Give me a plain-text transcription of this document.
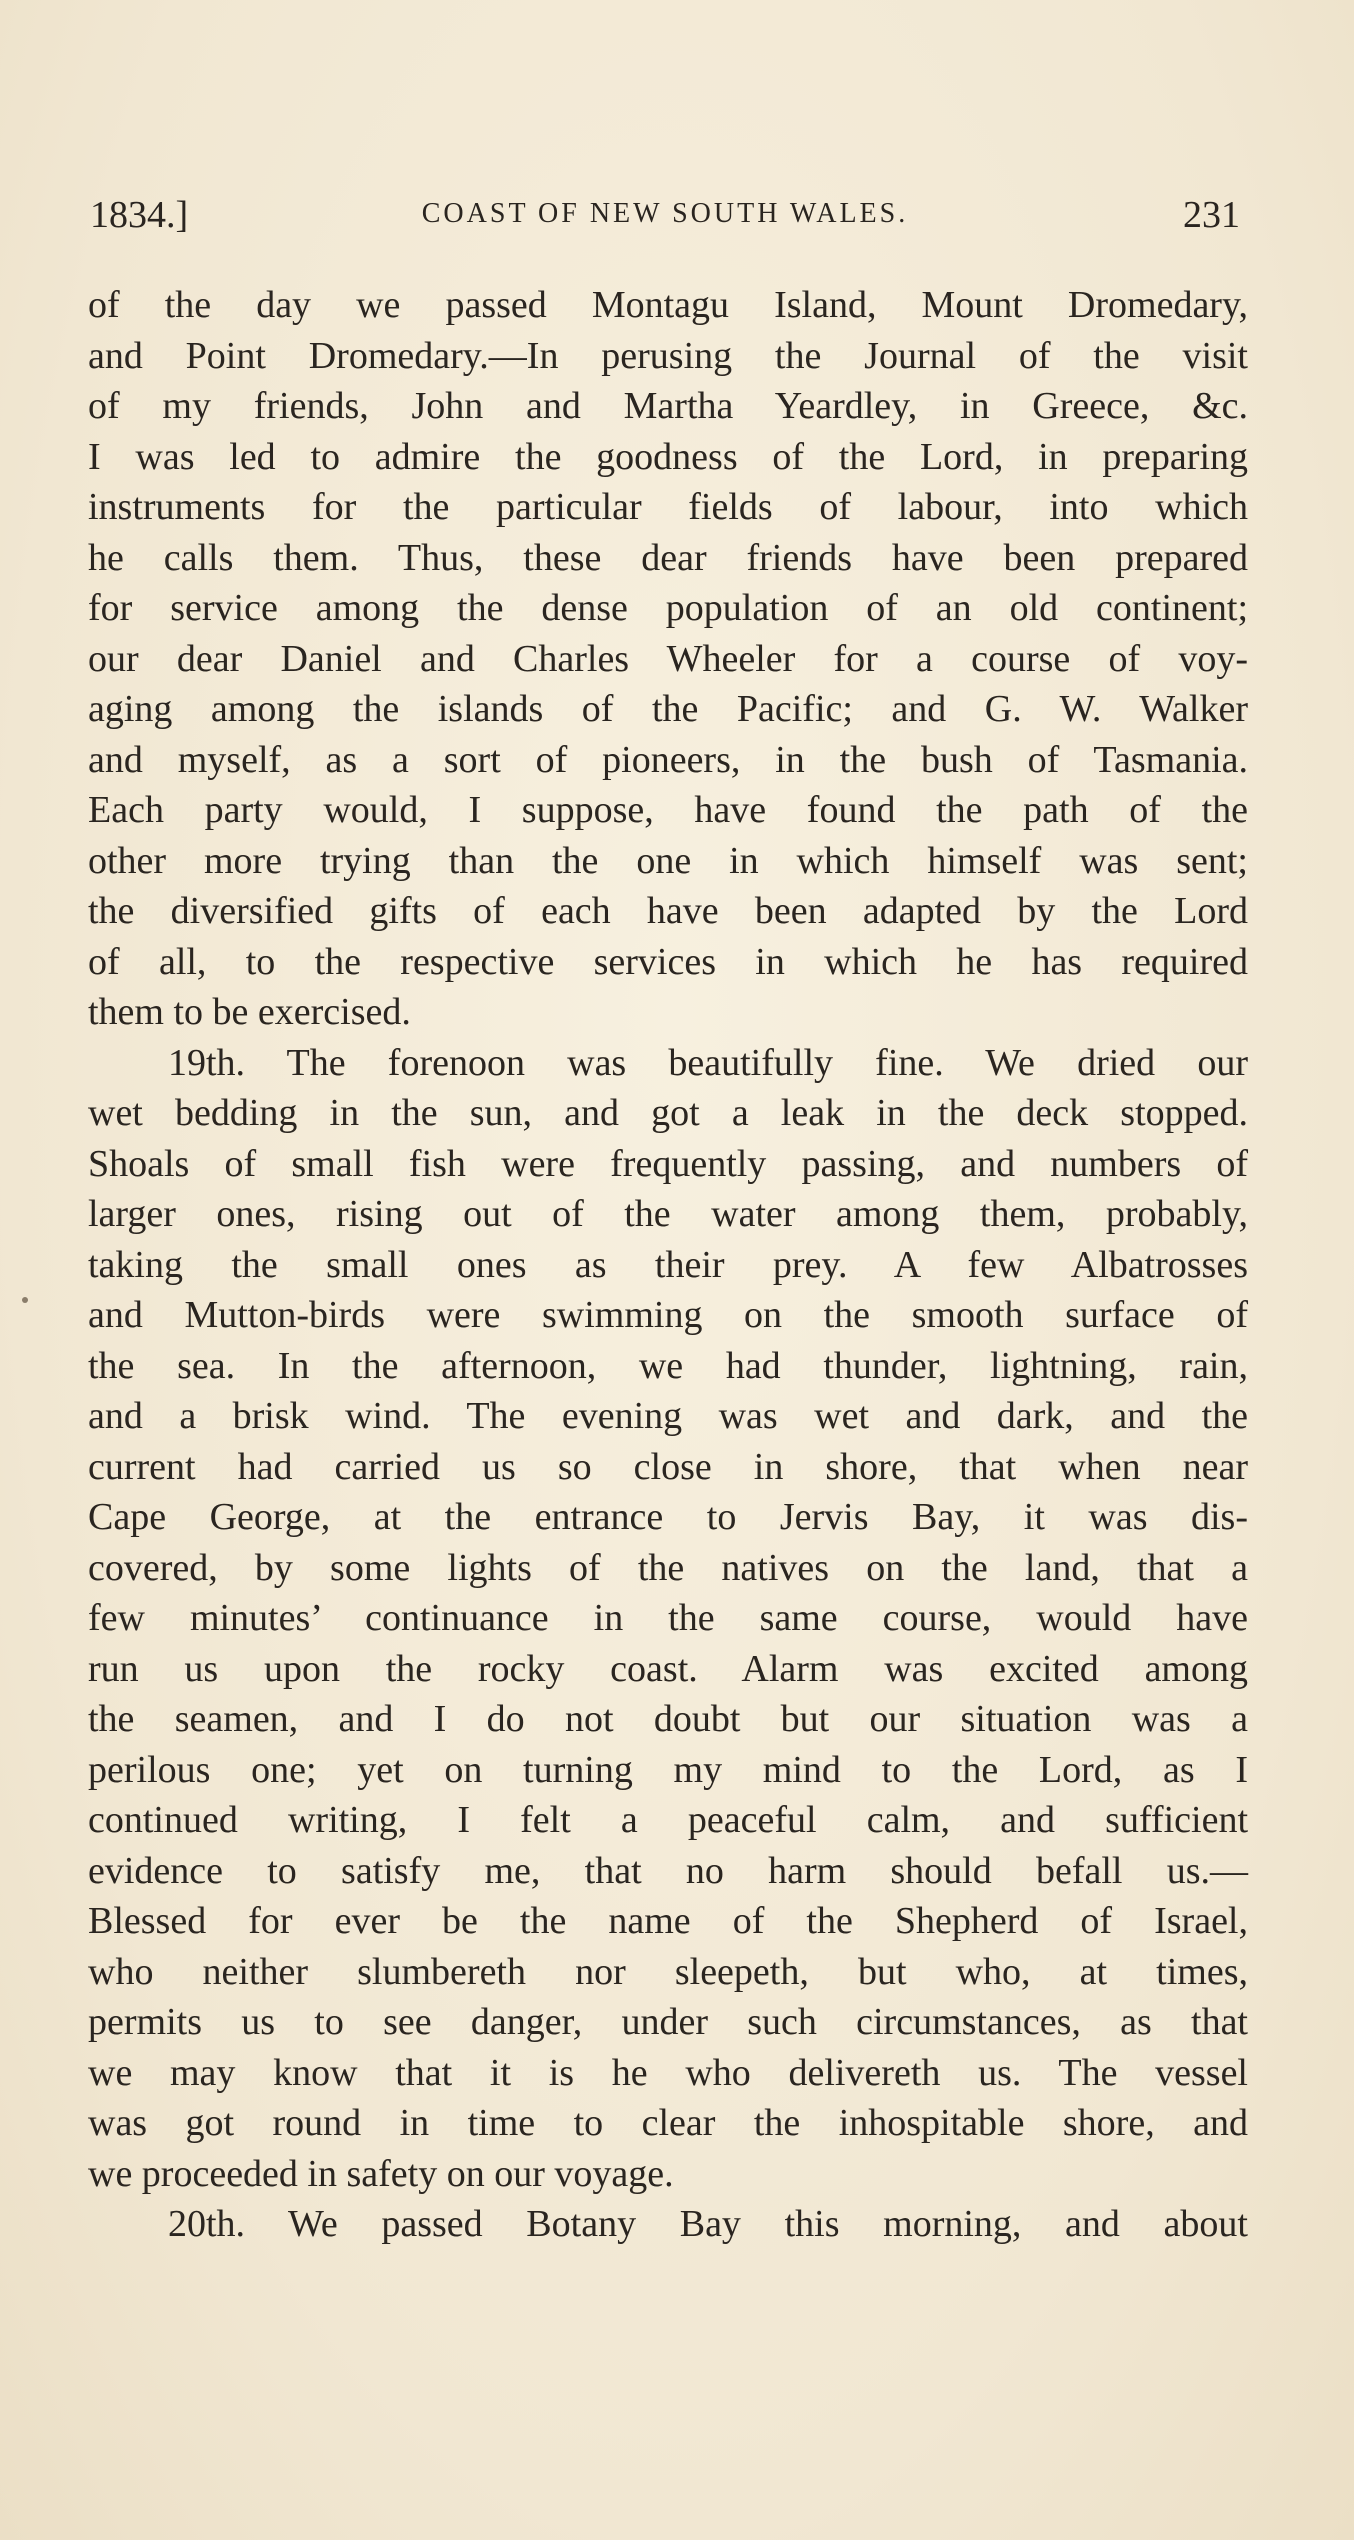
1834.]	COAST OF NEW SOUTH WALES.	231
of the day we passed Montagu Island, Mount Dromedary,
and Point Dromedary.—In perusing the Journal of the visit
of my friends, John and Martha Yeardley, in Greece, &c.
I was led to admire the goodness of the Lord, in preparing
instruments for the particular fields of labour, into which
he calls them. Thus, these dear friends have been prepared
for service among the dense population of an old continent;
our dear Daniel and Charles Wheeler for a course of voy-
aging among the islands of the Pacific; and G. W. Walker
and myself, as a sort of pioneers, in the bush of Tasmania.
Each party would, I suppose, have found the path of the
other more trying than the one in which himself was sent;
the diversified gifts of each have been adapted by the Lord
of all, to the respective services in which he has required
them to be exercised.
19th. The forenoon was beautifully fine. We dried our
wet bedding in the sun, and got a leak in the deck stopped.
Shoals of small fish were frequently passing, and numbers of
larger ones, rising out of the water among them, probably,
taking the small ones as their prey. A few Albatrosses
and Mutton-birds were swimming on the smooth surface of
the sea. In the afternoon, we had thunder, lightning, rain,
and a brisk wind. The evening was wet and dark, and the
current had carried us so close in shore, that when near
Cape George, at the entrance to Jervis Bay, it was dis-
covered, by some lights of the natives on the land, that a
few minutes’ continuance in the same course, would have
run us upon the rocky coast. Alarm was excited among
the seamen, and I do not doubt but our situation was a
perilous one; yet on turning my mind to the Lord, as I
continued writing, I felt a peaceful calm, and sufficient
evidence to satisfy me, that no harm should befall us.—
Blessed for ever be the name of the Shepherd of Israel,
who neither slumbereth nor sleepeth, but who, at times,
permits us to see danger, under such circumstances, as that
we may know that it is he who delivereth us. The vessel
was got round in time to clear the inhospitable shore, and
we proceeded in safety on our voyage.
20th. We passed Botany Bay this morning, and about
